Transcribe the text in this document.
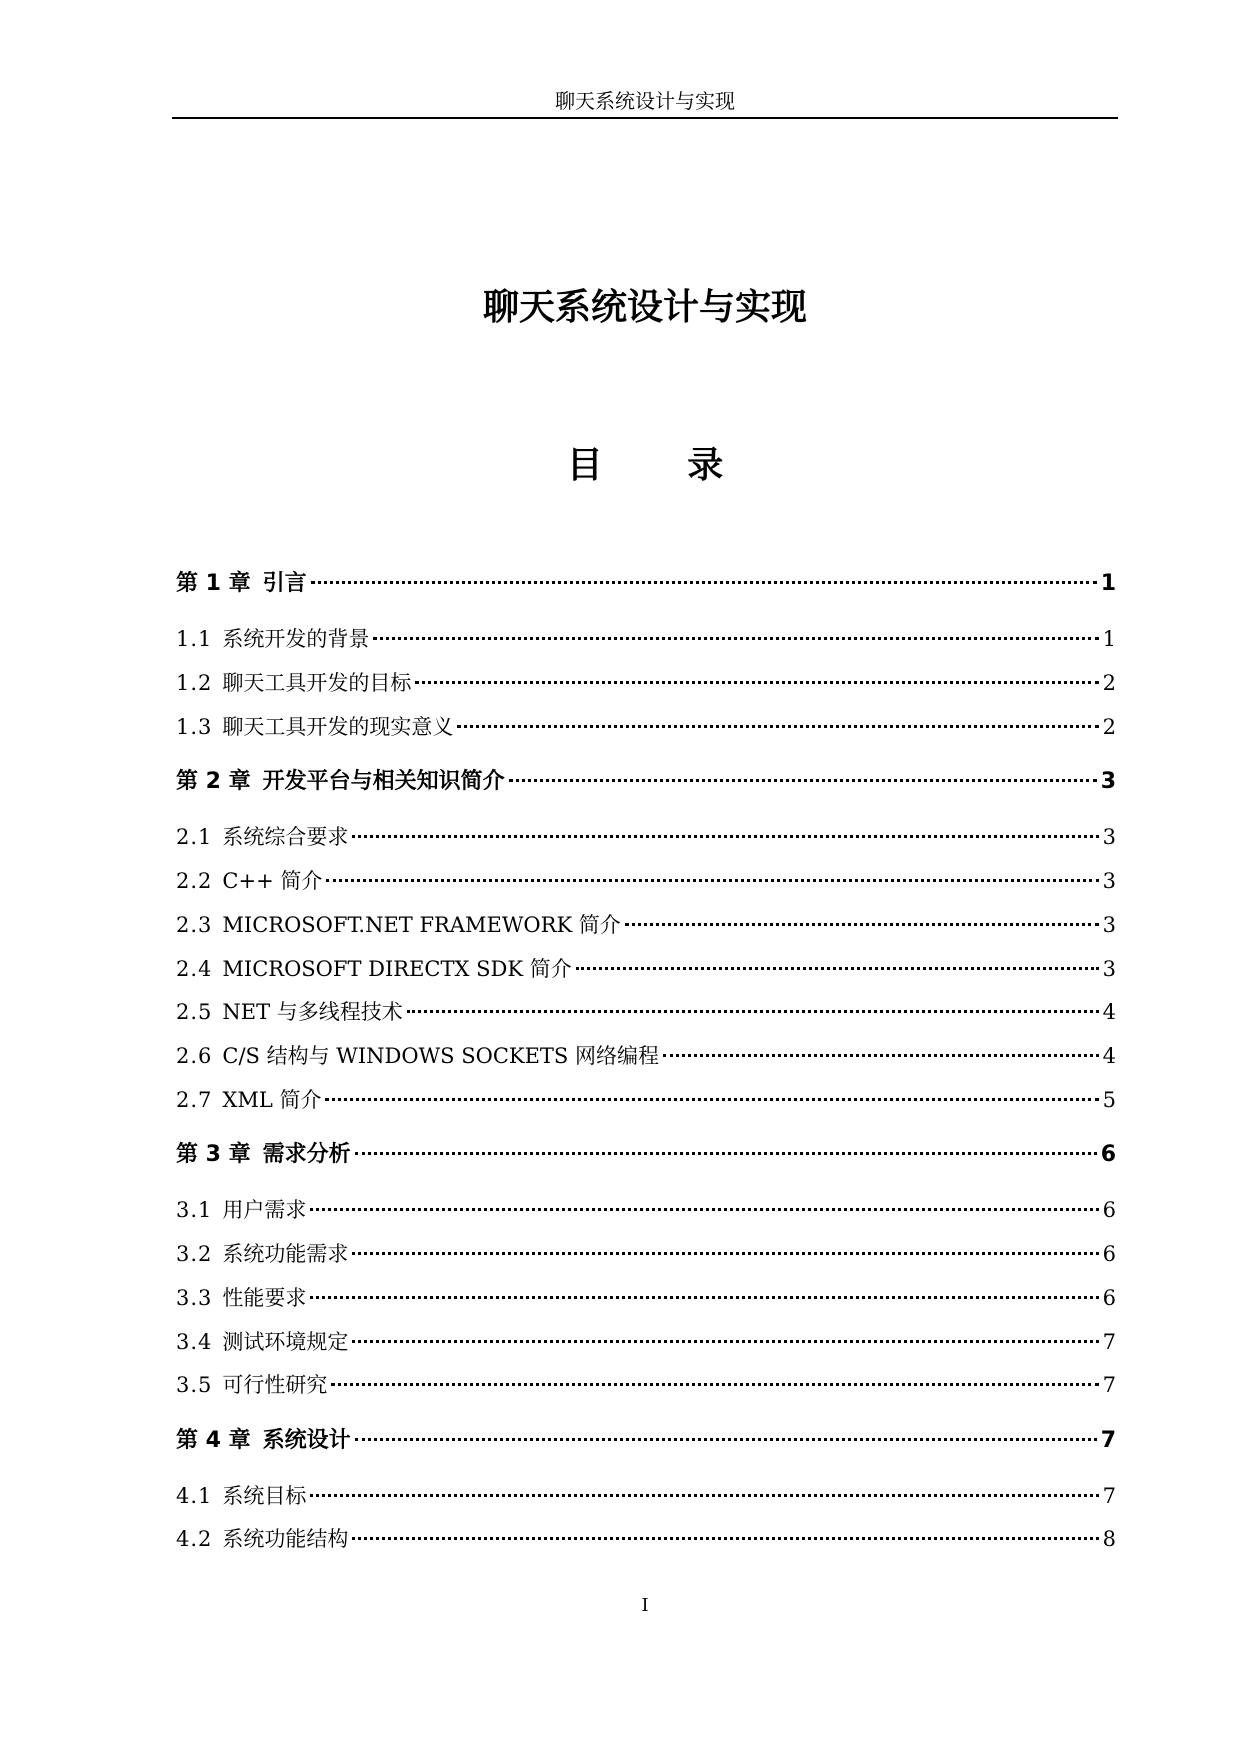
聊天系统设计与实现
聊天系统设计与实现
目 录
第 1 章 引言	1
1.1 系统开发的背景	1
1.2 聊天工具开发的目标	2
1.3 聊天工具开发的现实意义	2
第 2 章 开发平台与相关知识简介	3
2.1 系统综合要求	3
2.2 C++ 简介	3
2.3 MICROSOFT.NET FRAMEWORK 简介	3
2.4 MICROSOFT DIRECTX SDK 简介	3
2.5 NET 与多线程技术	4
2.6 C/S 结构与 WINDOWS SOCKETS 网络编程	4
2.7 XML 简介	5
第 3 章 需求分析	6
3.1 用户需求	6
3.2 系统功能需求	6
3.3 性能要求	6
3.4 测试环境规定	7
3.5 可行性研究	7
第 4 章 系统设计	7
4.1 系统目标	7
4.2 系统功能结构	8
I
